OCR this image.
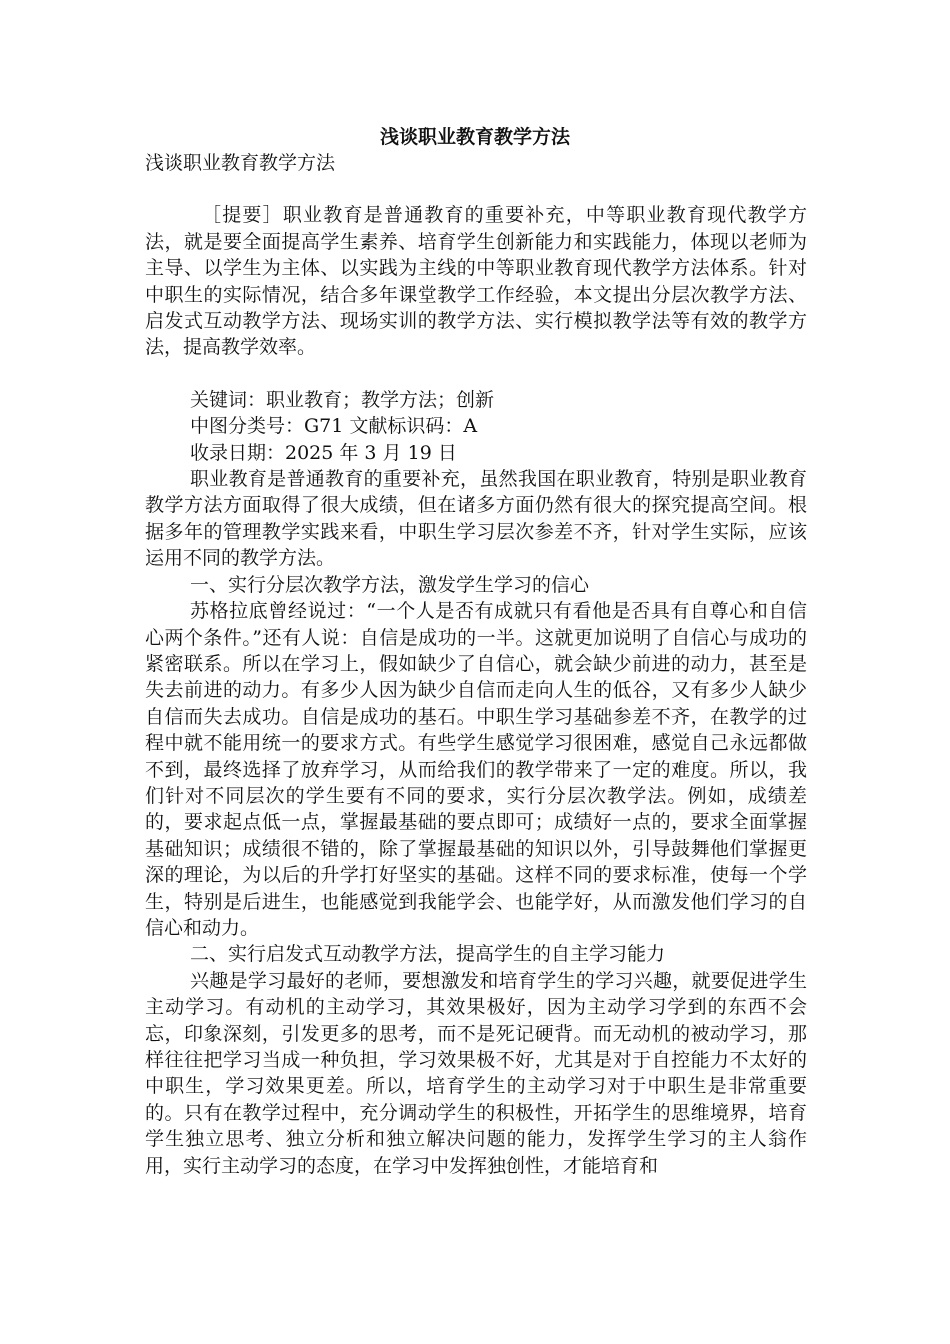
浅谈职业教育教学方法

浅谈职业教育教学方法

［提要］职业教育是普通教育的重要补充，中等职业教育现代教学方法，就是要全面提高学生素养、培育学生创新能力和实践能力，体现以老师为主导、以学生为主体、以实践为主线的中等职业教育现代教学方法体系。针对中职生的实际情况，结合多年课堂教学工作经验，本文提出分层次教学方法、启发式互动教学方法、现场实训的教学方法、实行模拟教学法等有效的教学方法，提高教学效率。

关键词：职业教育；教学方法；创新

中图分类号：G71 文献标识码：A

收录日期：2025 年 3 月 19 日

职业教育是普通教育的重要补充，虽然我国在职业教育，特别是职业教育教学方法方面取得了很大成绩，但在诸多方面仍然有很大的探究提高空间。根据多年的管理教学实践来看，中职生学习层次参差不齐，针对学生实际，应该运用不同的教学方法。

一、实行分层次教学方法，激发学生学习的信心

苏格拉底曾经说过：“一个人是否有成就只有看他是否具有自尊心和自信心两个条件。”还有人说：自信是成功的一半。这就更加说明了自信心与成功的紧密联系。所以在学习上，假如缺少了自信心，就会缺少前进的动力，甚至是失去前进的动力。有多少人因为缺少自信而走向人生的低谷，又有多少人缺少自信而失去成功。自信是成功的基石。中职生学习基础参差不齐，在教学的过程中就不能用统一的要求方式。有些学生感觉学习很困难，感觉自己永远都做不到，最终选择了放弃学习，从而给我们的教学带来了一定的难度。所以，我们针对不同层次的学生要有不同的要求，实行分层次教学法。例如，成绩差的，要求起点低一点，掌握最基础的要点即可；成绩好一点的，要求全面掌握基础知识；成绩很不错的，除了掌握最基础的知识以外，引导鼓舞他们掌握更深的理论，为以后的升学打好坚实的基础。这样不同的要求标准，使每一个学生，特别是后进生，也能感觉到我能学会、也能学好，从而激发他们学习的自信心和动力。

二、实行启发式互动教学方法，提高学生的自主学习能力

兴趣是学习最好的老师，要想激发和培育学生的学习兴趣，就要促进学生主动学习。有动机的主动学习，其效果极好，因为主动学习学到的东西不会忘，印象深刻，引发更多的思考，而不是死记硬背。而无动机的被动学习，那样往往把学习当成一种负担，学习效果极不好，尤其是对于自控能力不太好的中职生，学习效果更差。所以，培育学生的主动学习对于中职生是非常重要的。只有在教学过程中，充分调动学生的积极性，开拓学生的思维境界，培育学生独立思考、独立分析和独立解决问题的能力，发挥学生学习的主人翁作用，实行主动学习的态度，在学习中发挥独创性，才能培育和
